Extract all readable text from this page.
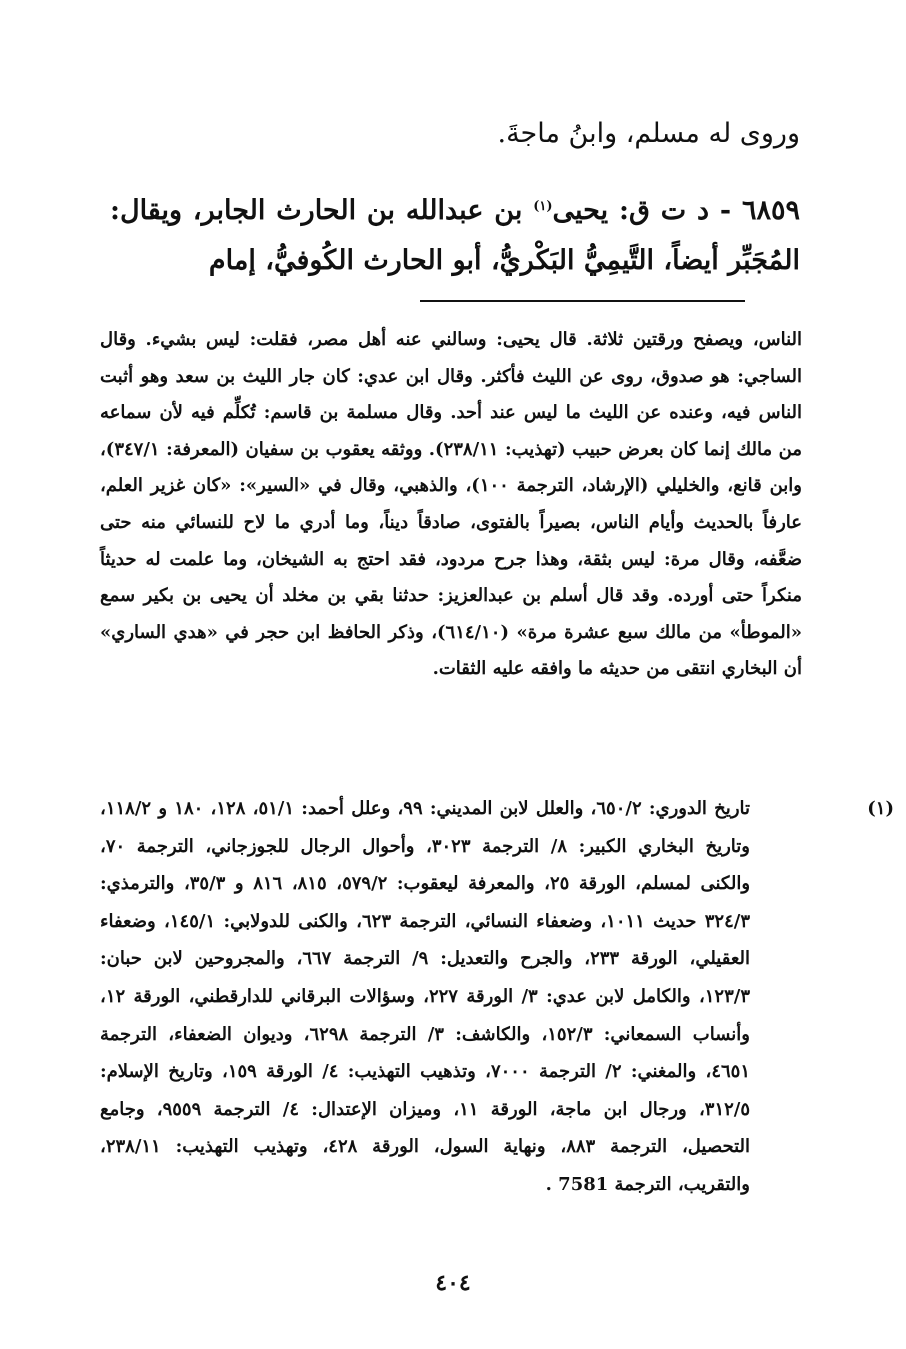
وروى له مسلم، وابنُ ماجةَ.
٦٨٥٩ - د ت ق: يحيى$^{(١)}$ بن عبدالله بن الحارث الجابر، ويقال: المُجَبِّر أيضاً، التَّيمِيُّ البَكْريُّ، أبو الحارث الكُوفيُّ، إمام
الناس، ويصفح ورقتين ثلاثة. قال يحيى: وسالني عنه أهل مصر، فقلت: ليس بشيء. وقال الساجي: هو صدوق، روى عن الليث فأكثر. وقال ابن عدي: كان جار الليث بن سعد وهو أثبت الناس فيه، وعنده عن الليث ما ليس عند أحد. وقال مسلمة بن قاسم: تُكلِّم فيه لأن سماعه من مالك إنما كان بعرض حبيب (تهذيب: ٢٣٨/١١). ووثقه يعقوب بن سفيان (المعرفة: ٣٤٧/١)، وابن قانع، والخليلي (الإرشاد، الترجمة ١٠٠)، والذهبي، وقال في «السير»: «كان غزير العلم، عارفاً بالحديث وأيام الناس، بصيراً بالفتوى، صادقاً ديناً، وما أدري ما لاح للنسائي منه حتى ضعَّفه، وقال مرة: ليس بثقة، وهذا جرح مردود، فقد احتج به الشيخان، وما علمت له حديثاً منكراً حتى أورده. وقد قال أسلم بن عبدالعزيز: حدثنا بقي بن مخلد أن يحيى بن بكير سمع «الموطأ» من مالك سبع عشرة مرة» (٦١٤/١٠)، وذكر الحافظ ابن حجر في «هدي الساري» أن البخاري انتقى من حديثه ما وافقه عليه الثقات.
(١)
تاريخ الدوري: ٦٥٠/٢، والعلل لابن المديني: ٩٩، وعلل أحمد: ٥١/١، ١٢٨، ١٨٠ و ١١٨/٢، وتاريخ البخاري الكبير: ٨/ الترجمة ٣٠٢٣، وأحوال الرجال للجوزجاني، الترجمة ٧٠، والكنى لمسلم، الورقة ٢٥، والمعرفة ليعقوب: ٥٧٩/٢، ٨١٥، ٨١٦ و ٣٥/٣، والترمذي: ٣٢٤/٣ حديث ١٠١١، وضعفاء النسائي، الترجمة ٦٢٣، والكنى للدولابي: ١٤٥/١، وضعفاء العقيلي، الورقة ٢٣٣، والجرح والتعديل: ٩/ الترجمة ٦٦٧، والمجروحين لابن حبان: ١٢٣/٣، والكامل لابن عدي: ٣/ الورقة ٢٢٧، وسؤالات البرقاني للدارقطني، الورقة ١٢، وأنساب السمعاني: ١٥٢/٣، والكاشف: ٣/ الترجمة ٦٢٩٨، وديوان الضعفاء، الترجمة ٤٦٥١، والمغني: ٢/ الترجمة ٧٠٠٠، وتذهيب التهذيب: ٤/ الورقة ١٥٩، وتاريخ الإسلام: ٣١٢/٥، ورجال ابن ماجة، الورقة ١١، وميزان الإعتدال: ٤/ الترجمة ٩٥٥٩، وجامع التحصيل، الترجمة ٨٨٣، ونهاية السول، الورقة ٤٢٨، وتهذيب التهذيب: ٢٣٨/١١، والتقريب، الترجمة 7581 .
٤٠٤
